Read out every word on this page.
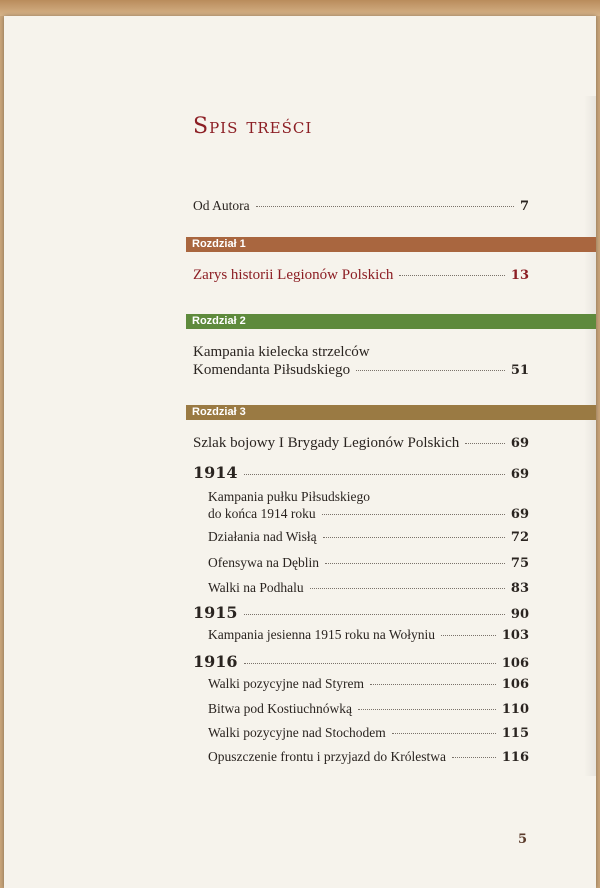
Spis treści
Od Autora	7
Rozdział 1
Zarys historii Legionów Polskich	13
Rozdział 2
Kampania kielecka strzelców
Komendanta Piłsudskiego	51
Rozdział 3
Szlak bojowy I Brygady Legionów Polskich	69
1914	69
Kampania pułku Piłsudskiego
do końca 1914 roku	69
Działania nad Wisłą	72
Ofensywa na Dęblin	75
Walki na Podhalu	83
1915	90
Kampania jesienna 1915 roku na Wołyniu	103
1916	106
Walki pozycyjne nad Styrem	106
Bitwa pod Kostiuchnówką	110
Walki pozycyjne nad Stochodem	115
Opuszczenie frontu i przyjazd do Królestwa	116
5
